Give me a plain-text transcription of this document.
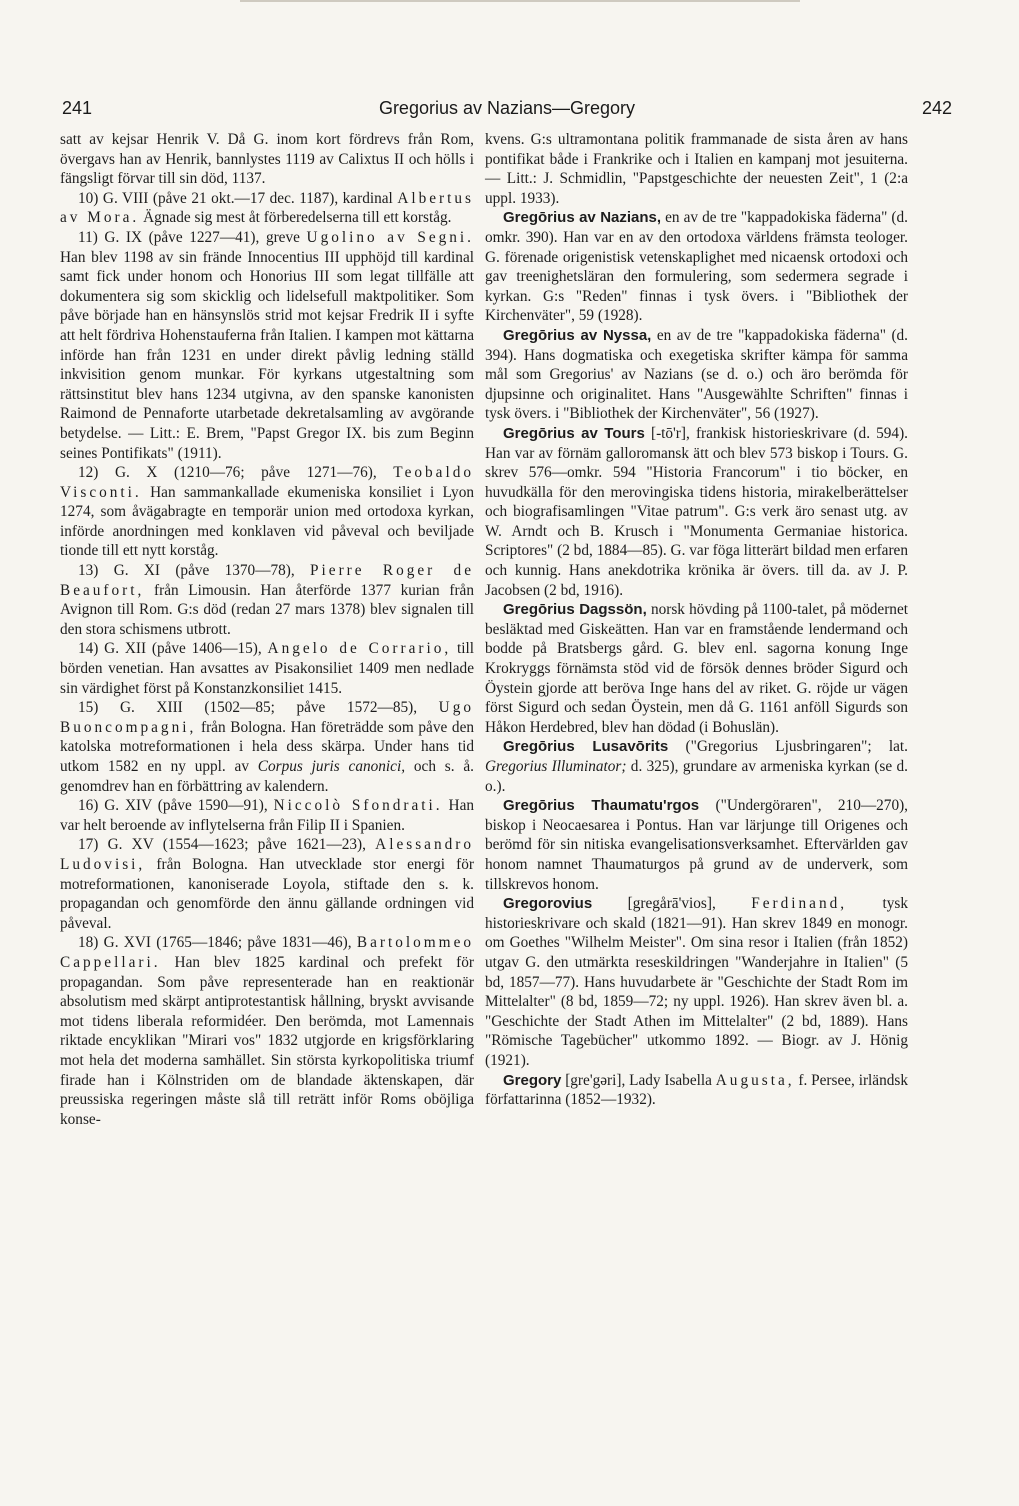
241	Gregorius av Nazians—Gregory	242

satt av kejsar Henrik V. Då G. inom kort fördrevs från Rom, övergavs han av Henrik, bannlystes 1119 av Calixtus II och hölls i fängsligt förvar till sin död, 1137.

10) G. VIII (påve 21 okt.—17 dec. 1187), kardinal Albertus av Mora. Ägnade sig mest åt förberedelserna till ett korståg.

11) G. IX (påve 1227—41), greve Ugolino av Segni. Han blev 1198 av sin frände Innocentius III upphöjd till kardinal samt fick under honom och Honorius III som legat tillfälle att dokumentera sig som skicklig och lidelsefull maktpolitiker. Som påve började han en hänsynslös strid mot kejsar Fredrik II i syfte att helt fördriva Hohenstauferna från Italien. I kampen mot kättarna införde han från 1231 en under direkt påvlig ledning ställd inkvisition genom munkar. För kyrkans utgestaltning som rättsinstitut blev hans 1234 utgivna, av den spanske kanonisten Raimond de Pennaforte utarbetade dekretalsamling av avgörande betydelse. — Litt.: E. Brem, "Papst Gregor IX. bis zum Beginn seines Pontifikats" (1911).

12) G. X (1210—76; påve 1271—76), Teobaldo Visconti. Han sammankallade ekumeniska konsiliet i Lyon 1274, som åvägabragte en temporär union med ortodoxa kyrkan, införde anordningen med konklaven vid påveval och beviljade tionde till ett nytt korståg.

13) G. XI (påve 1370—78), Pierre Roger de Beaufort, från Limousin. Han återförde 1377 kurian från Avignon till Rom. G:s död (redan 27 mars 1378) blev signalen till den stora schismens utbrott.

14) G. XII (påve 1406—15), Angelo de Corrario, till börden venetian. Han avsattes av Pisakonsiliet 1409 men nedlade sin värdighet först på Konstanzkonsiliet 1415.

15) G. XIII (1502—85; påve 1572—85), Ugo Buoncompagni, från Bologna. Han företrädde som påve den katolska motreformationen i hela dess skärpa. Under hans tid utkom 1582 en ny uppl. av Corpus juris canonici, och s. å. genomdrev han en förbättring av kalendern.

16) G. XIV (påve 1590—91), Niccolò Sfondrati. Han var helt beroende av inflytelserna från Filip II i Spanien.

17) G. XV (1554—1623; påve 1621—23), Alessandro Ludovisi, från Bologna. Han utvecklade stor energi för motreformationen, kanoniserade Loyola, stiftade den s. k. propagandan och genomförde den ännu gällande ordningen vid påveval.

18) G. XVI (1765—1846; påve 1831—46), Bartolommeo Cappellari. Han blev 1825 kardinal och prefekt för propagandan. Som påve representerade han en reaktionär absolutism med skärpt antiprotestantisk hållning, bryskt avvisande mot tidens liberala reformidéer. Den berömda, mot Lamennais riktade encyklikan "Mirari vos" 1832 utgjorde en krigsförklaring mot hela det moderna samhället. Sin största kyrkopolitiska triumf firade han i Kölnstriden om de blandade äktenskapen, där preussiska regeringen måste slå till reträtt inför Roms oböjliga konse-

kvens. G:s ultramontana politik frammanade de sista åren av hans pontifikat både i Frankrike och i Italien en kampanj mot jesuiterna. — Litt.: J. Schmidlin, "Papstgeschichte der neuesten Zeit", 1 (2:a uppl. 1933).

Gregōrius av Nazians, en av de tre "kappadokiska fäderna" (d. omkr. 390). Han var en av den ortodoxa världens främsta teologer. G. förenade origenistisk vetenskaplighet med nicaensk ortodoxi och gav treenighetsläran den formulering, som sedermera segrade i kyrkan. G:s "Reden" finnas i tysk övers. i "Bibliothek der Kirchenväter", 59 (1928).

Gregōrius av Nyssa, en av de tre "kappadokiska fäderna" (d. 394). Hans dogmatiska och exegetiska skrifter kämpa för samma mål som Gregorius' av Nazians (se d. o.) och äro berömda för djupsinne och originalitet. Hans "Ausgewählte Schriften" finnas i tysk övers. i "Bibliothek der Kirchenväter", 56 (1927).

Gregōrius av Tours [-tō'r], frankisk historieskrivare (d. 594). Han var av förnäm galloromansk ätt och blev 573 biskop i Tours. G. skrev 576—omkr. 594 "Historia Francorum" i tio böcker, en huvudkälla för den merovingiska tidens historia, mirakelberättelser och biografisamlingen "Vitae patrum". G:s verk äro senast utg. av W. Arndt och B. Krusch i "Monumenta Germaniae historica. Scriptores" (2 bd, 1884—85). G. var föga litterärt bildad men erfaren och kunnig. Hans anekdotrika krönika är övers. till da. av J. P. Jacobsen (2 bd, 1916).

Gregōrius Dagssön, norsk hövding på 1100-talet, på mödernet besläktad med Giskeätten. Han var en framstående lendermand och bodde på Bratsbergs gård. G. blev enl. sagorna konung Inge Krokryggs förnämsta stöd vid de försök dennes bröder Sigurd och Öystein gjorde att beröva Inge hans del av riket. G. röjde ur vägen först Sigurd och sedan Öystein, men då G. 1161 anföll Sigurds son Håkon Herdebred, blev han dödad (i Bohuslän).

Gregōrius Lusavōrits ("Gregorius Ljusbringaren"; lat. Gregorius Illuminator; d. 325), grundare av armeniska kyrkan (se d. o.).

Gregōrius Thaumatu'rgos ("Undergöraren", 210—270), biskop i Neocaesarea i Pontus. Han var lärjunge till Origenes och berömd för sin nitiska evangelisationsverksamhet. Eftervärlden gav honom namnet Thaumaturgos på grund av de underverk, som tillskrevos honom.

Gregorovius [gregårā'vios], Ferdinand, tysk historieskrivare och skald (1821—91). Han skrev 1849 en monogr. om Goethes "Wilhelm Meister". Om sina resor i Italien (från 1852) utgav G. den utmärkta reseskildringen "Wanderjahre in Italien" (5 bd, 1857—77). Hans huvudarbete är "Geschichte der Stadt Rom im Mittelalter" (8 bd, 1859—72; ny uppl. 1926). Han skrev även bl. a. "Geschichte der Stadt Athen im Mittelalter" (2 bd, 1889). Hans "Römische Tagebücher" utkommo 1892. — Biogr. av J. Hönig (1921).

Gregory [gre'gəri], Lady Isabella Augusta, f. Persee, irländsk författarinna (1852—1932).
